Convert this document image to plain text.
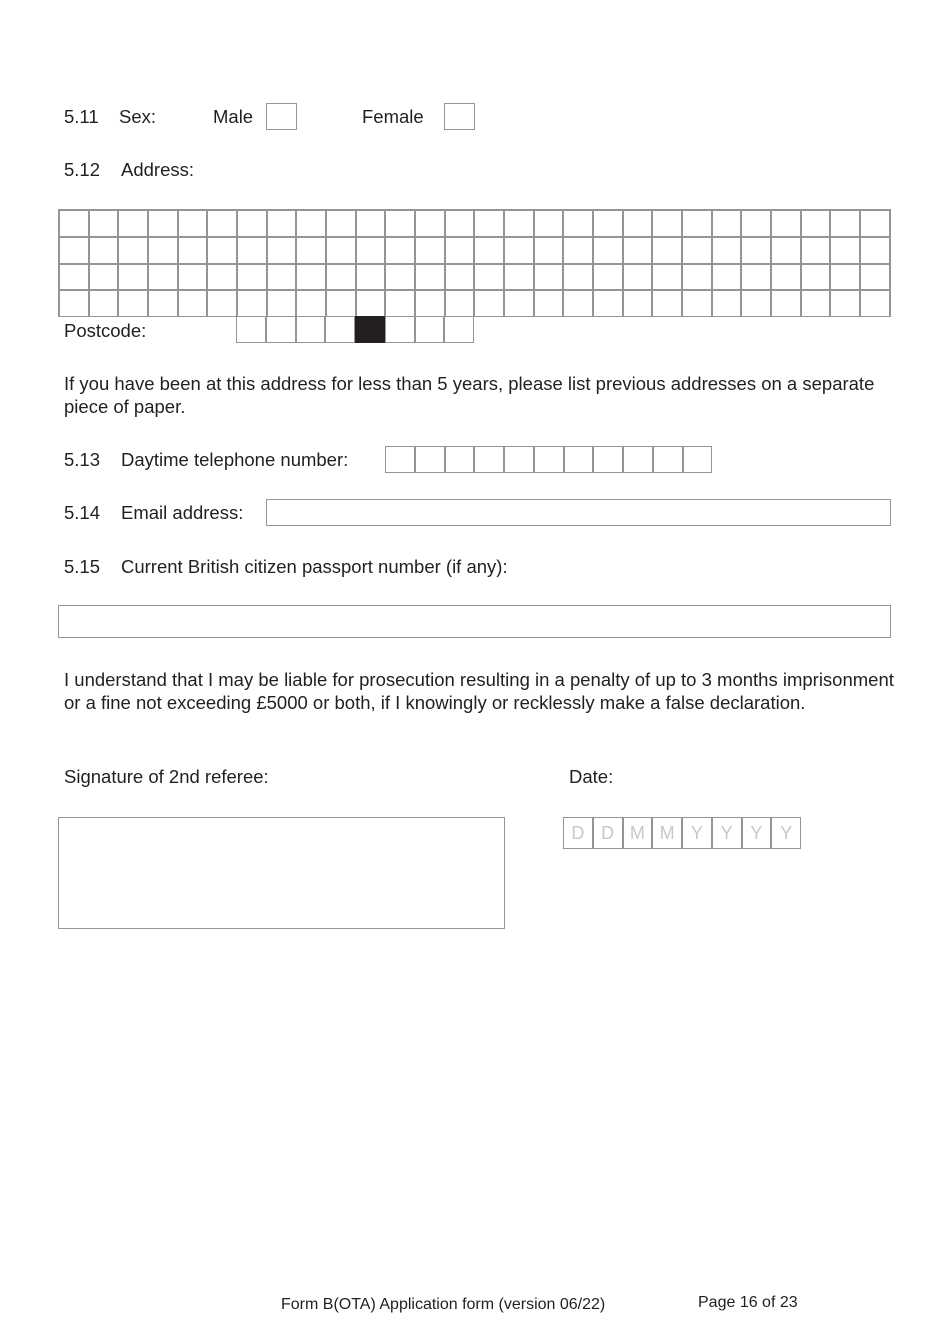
5.11 Sex:	Male	Female
5.12 Address:
Postcode:
If you have been at this address for less than 5 years, please list previous addresses on a separate piece of paper.
5.13 Daytime telephone number:
5.14 Email address:
5.15 Current British citizen passport number (if any):
I understand that I may be liable for prosecution resulting in a penalty of up to 3 months imprisonment or a fine not exceeding £5000 or both, if I knowingly or recklessly make a false declaration.
Signature of 2nd referee:	Date:
D D M M Y Y Y Y
Form B(OTA) Application form (version 06/22)	Page 16 of 23
